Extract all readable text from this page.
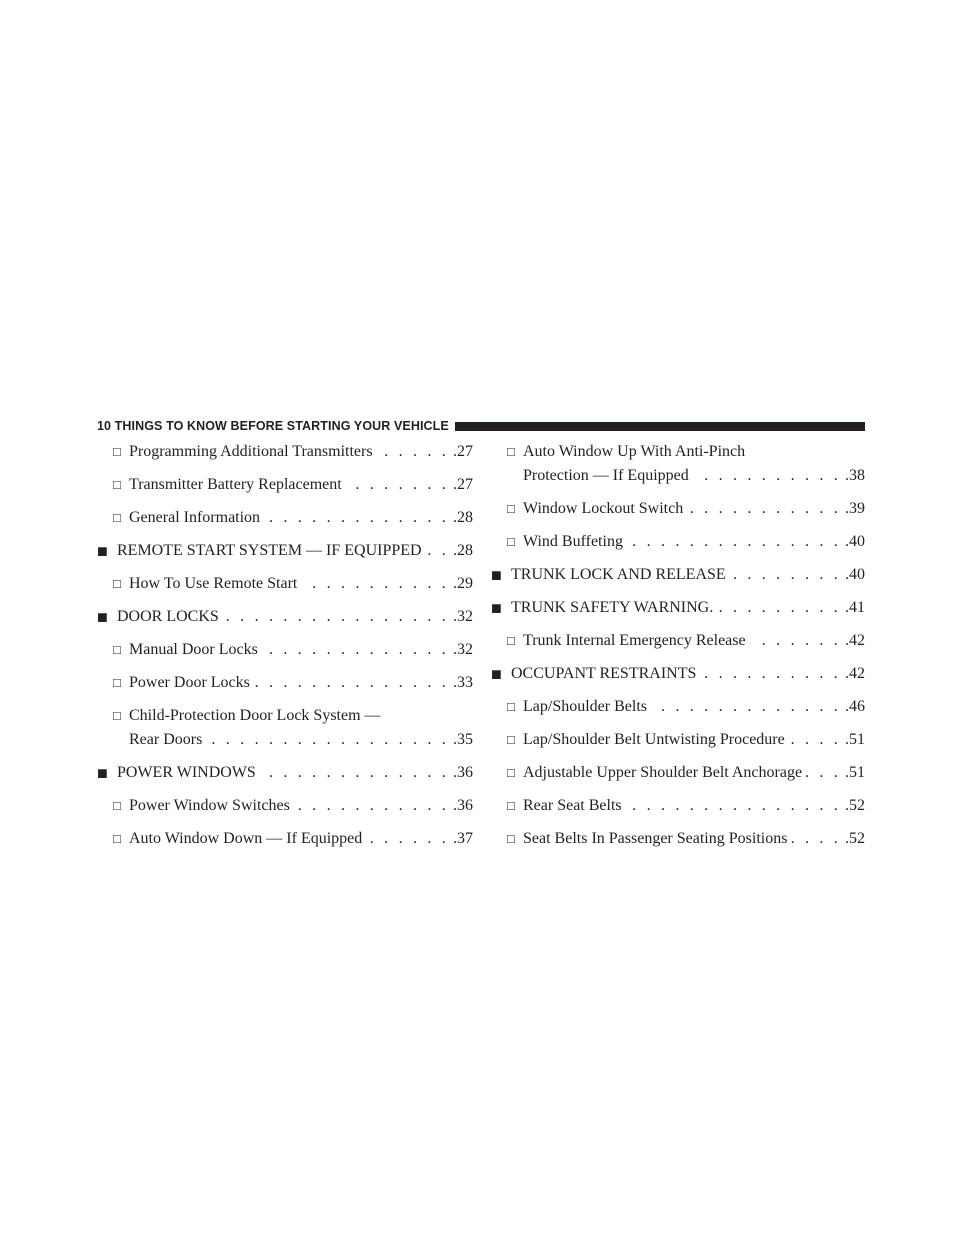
10 THINGS TO KNOW BEFORE STARTING YOUR VEHICLE
□ Programming Additional Transmitters . . .	.27
□ Transmitter Battery Replacement . . .	.27
□ General Information . . .	.28
■ REMOTE START SYSTEM — IF EQUIPPED . . . .28
□ How To Use Remote Start . . .	.29
■ DOOR LOCKS . . .	.32
□ Manual Door Locks . . .	.32
□ Power Door Locks . . .	.33
□ Child-Protection Door Lock System —
Rear Doors . . .	.35
■ POWER WINDOWS . . .	.36
□ Power Window Switches . . .	.36
□ Auto Window Down — If Equipped . . .	.37
□ Auto Window Up With Anti-Pinch
Protection — If Equipped . . .	.38
□ Window Lockout Switch . . .	.39
□ Wind Buffeting . . .	.40
■ TRUNK LOCK AND RELEASE . . .	.40
■ TRUNK SAFETY WARNING. . . .	.41
□ Trunk Internal Emergency Release . . .	.42
■ OCCUPANT RESTRAINTS . . .	.42
□ Lap/Shoulder Belts . . .	.46
□ Lap/Shoulder Belt Untwisting Procedure . . .	.51
□ Adjustable Upper Shoulder Belt Anchorage . . .	.51
□ Rear Seat Belts . . .	.52
□ Seat Belts In Passenger Seating Positions . . .	.52
